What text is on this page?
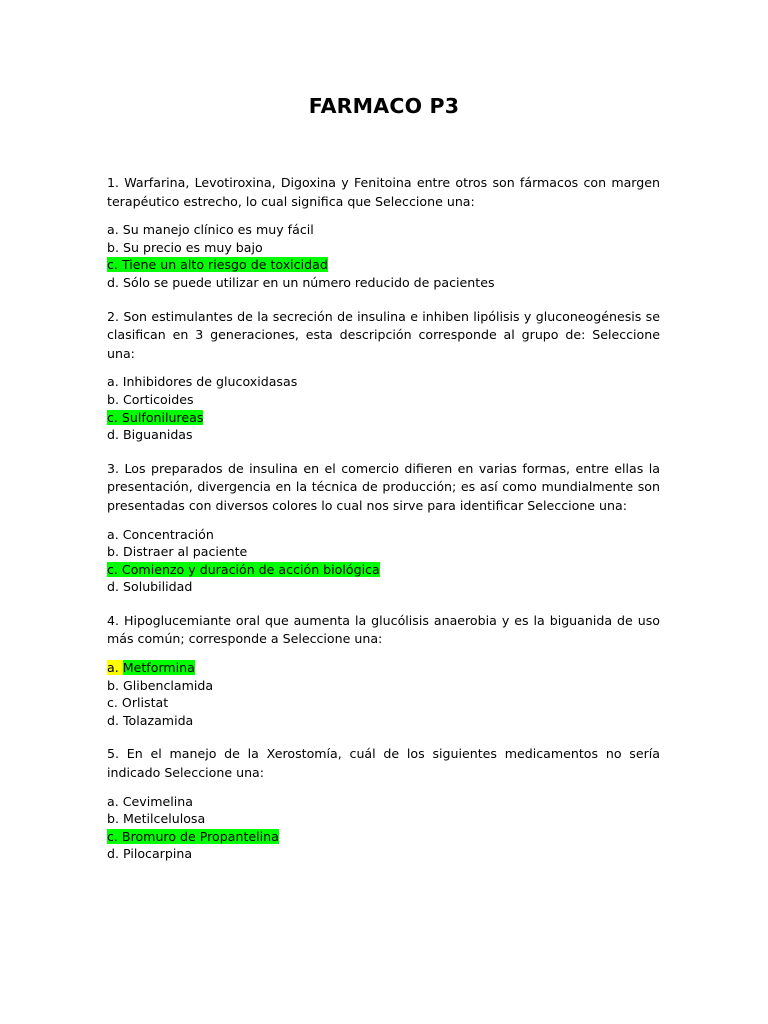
FARMACO P3

1. Warfarina, Levotiroxina, Digoxina y Fenitoina entre otros son fármacos con margen terapéutico estrecho, lo cual significa que Seleccione una:

a. Su manejo clínico es muy fácil
b. Su precio es muy bajo
c. Tiene un alto riesgo de toxicidad
d. Sólo se puede utilizar en un número reducido de pacientes

2. Son estimulantes de la secreción de insulina e inhiben lipólisis y gluconeogénesis se clasifican en 3 generaciones, esta descripción corresponde al grupo de: Seleccione una:

a. Inhibidores de glucoxidasas
b. Corticoides
c. Sulfonilureas
d. Biguanidas

3. Los preparados de insulina en el comercio difieren en varias formas, entre ellas la presentación, divergencia en la técnica de producción; es así como mundialmente son presentadas con diversos colores lo cual nos sirve para identificar Seleccione una:

a. Concentración
b. Distraer al paciente
c. Comienzo y duración de acción biológica
d. Solubilidad

4. Hipoglucemiante oral que aumenta la glucólisis anaerobia y es la biguanida de uso más común; corresponde a Seleccione una:

a. Metformina
b. Glibenclamida
c. Orlistat
d. Tolazamida

5. En el manejo de la Xerostomía, cuál de los siguientes medicamentos no sería indicado Seleccione una:

a. Cevimelina
b. Metilcelulosa
c. Bromuro de Propantelina
d. Pilocarpina
